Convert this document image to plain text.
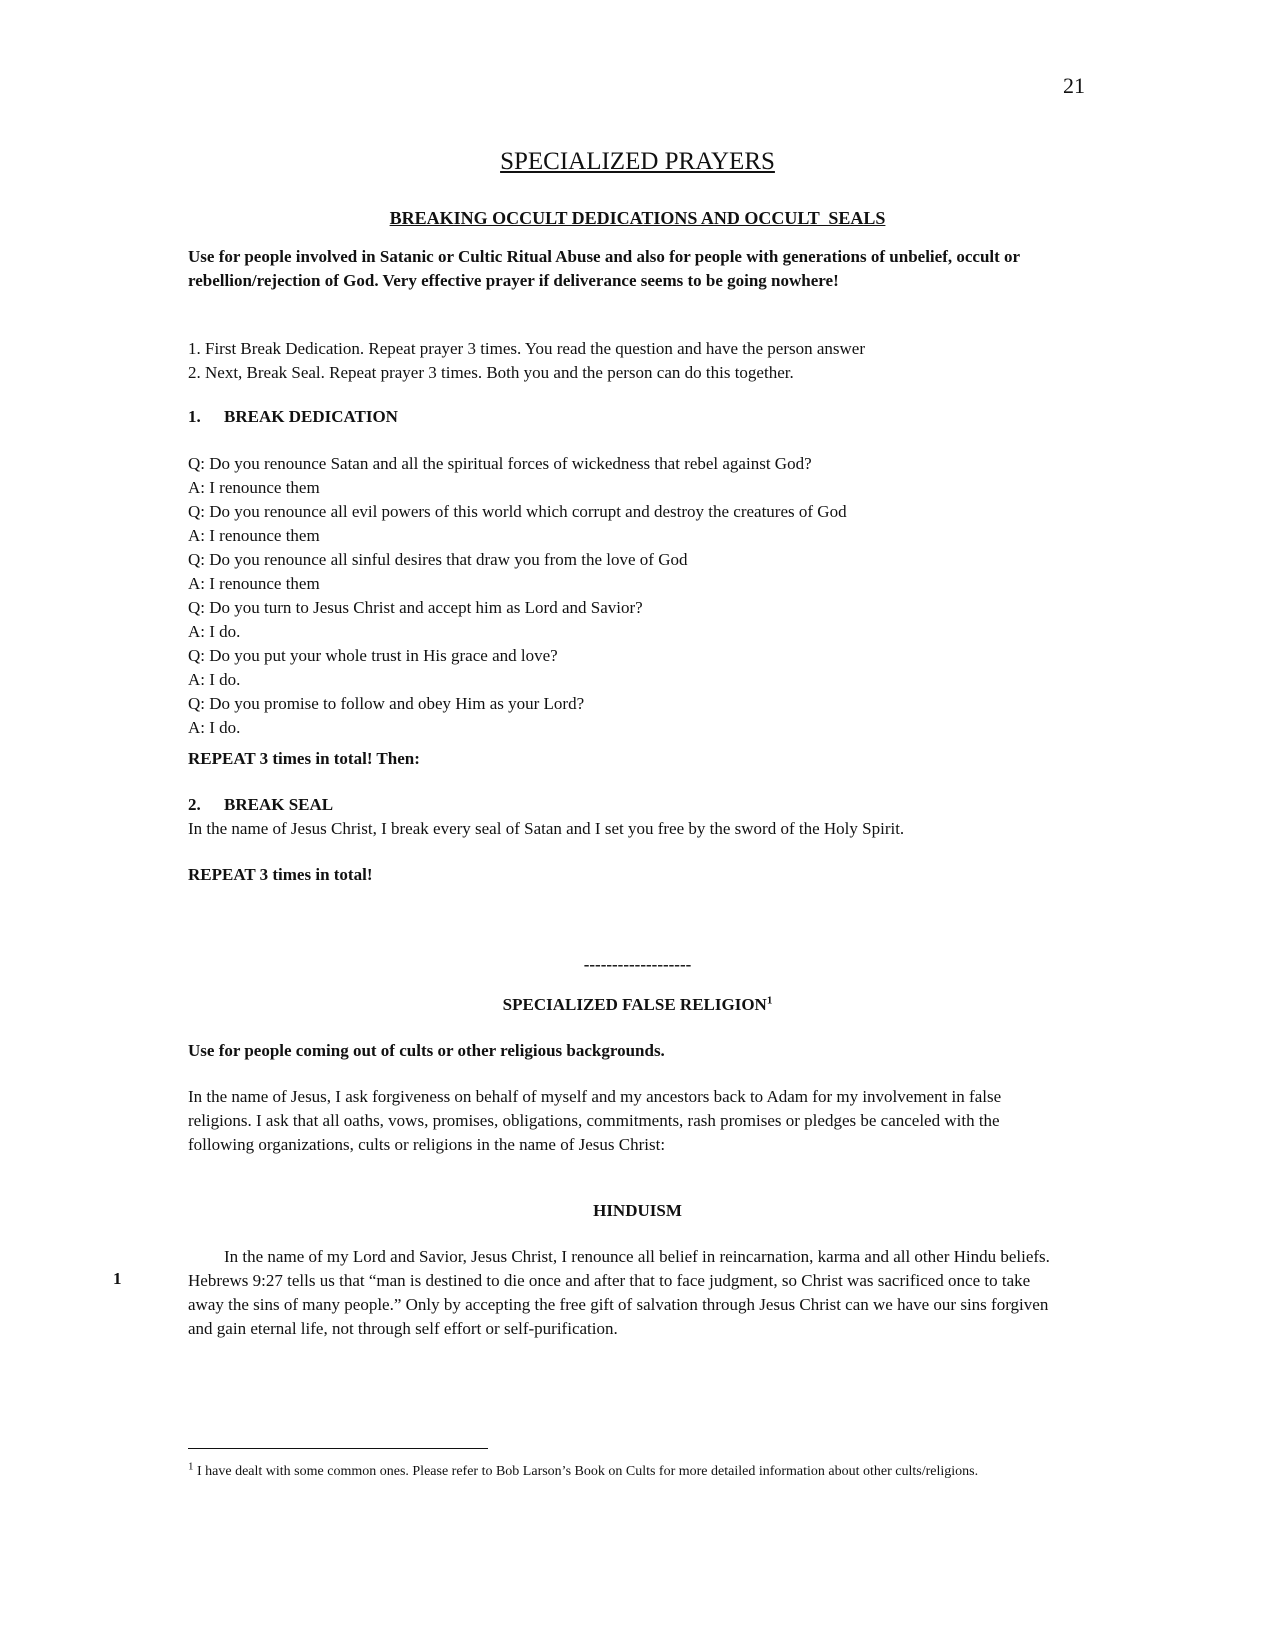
21
SPECIALIZED PRAYERS
BREAKING OCCULT DEDICATIONS AND OCCULT  SEALS
Use for people involved in Satanic or Cultic Ritual Abuse and also for people with generations of unbelief, occult or rebellion/rejection of God. Very effective prayer if deliverance seems to be going nowhere!
1. First Break Dedication. Repeat prayer 3 times. You read the question and have the person answer
2. Next, Break Seal. Repeat prayer 3 times. Both you and the person can do this together.
1. BREAK DEDICATION
Q: Do you renounce Satan and all the spiritual forces of wickedness that rebel against God?
A: I renounce them
Q: Do you renounce all evil powers of this world which corrupt and destroy the creatures of God
A: I renounce them
Q: Do you renounce all sinful desires that draw you from the love of God
A: I renounce them
Q: Do you turn to Jesus Christ and accept him as Lord and Savior?
A: I do.
Q: Do you put your whole trust in His grace and love?
A: I do.
Q: Do you promise to follow and obey Him as your Lord?
A: I do.
REPEAT 3 times in total! Then:
2. BREAK SEAL
In the name of Jesus Christ, I break every seal of Satan and I set you free by the sword of the Holy Spirit.
REPEAT 3 times in total!
-------------------
SPECIALIZED FALSE RELIGION$^1$
Use for people coming out of cults or other religious backgrounds.
In the name of Jesus, I ask forgiveness on behalf of myself and my ancestors back to Adam for my involvement in false religions. I ask that all oaths, vows, promises, obligations, commitments, rash promises or pledges be canceled with the following organizations, cults or religions in the name of Jesus Christ:
HINDUISM
1
In the name of my Lord and Savior, Jesus Christ, I renounce all belief in reincarnation, karma and all other Hindu beliefs. Hebrews 9:27 tells us that “man is destined to die once and after that to face judgment, so Christ was sacrificed once to take away the sins of many people.” Only by accepting the free gift of salvation through Jesus Christ can we have our sins forgiven and gain eternal life, not through self effort or self-purification.
$^1$ I have dealt with some common ones. Please refer to Bob Larson’s Book on Cults for more detailed information about other cults/religions.
